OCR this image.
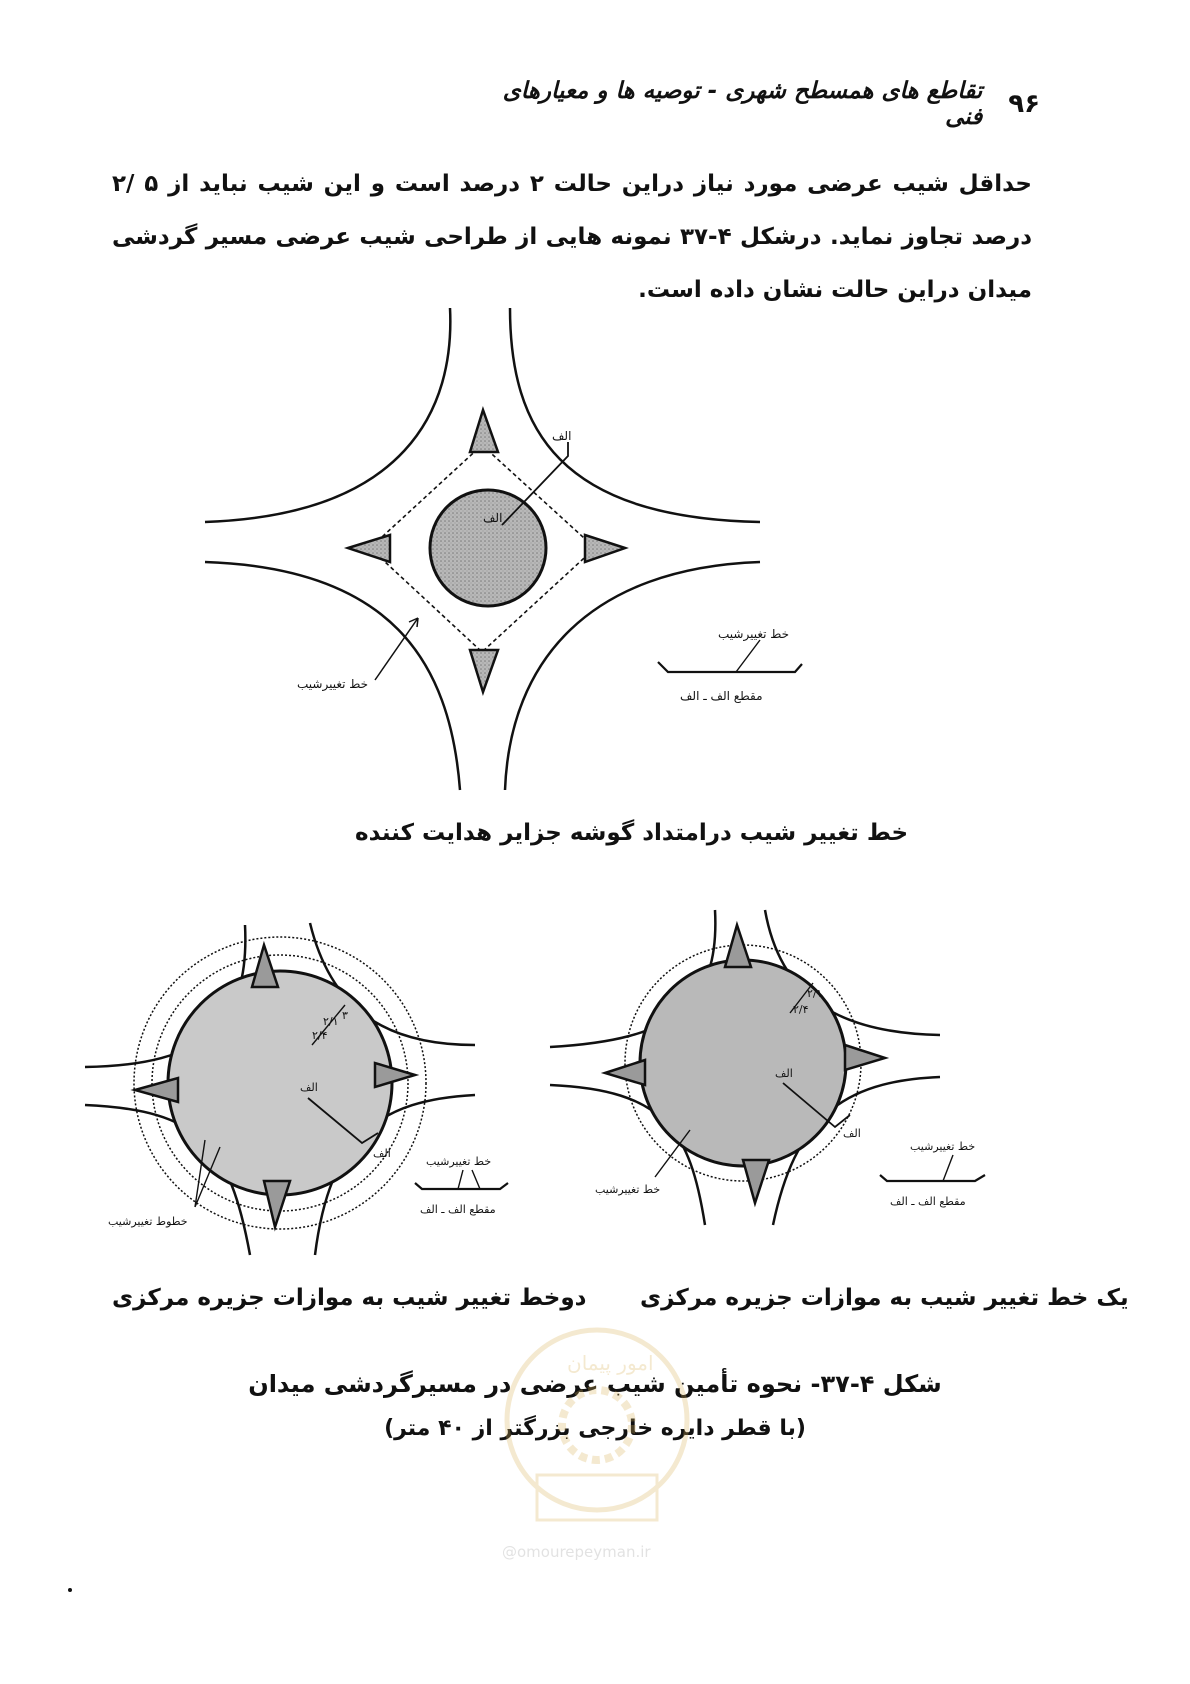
۹۶
تقاطع های همسطح شهری - توصیه ها و معیارهای فنی
حداقل شیب عرضی مورد نیاز دراین حالت ۲ درصد است و این شیب نباید از ۵ /۲ درصد تجاوز نماید. درشکل ۴-۳۷ نمونه هایی از طراحی شیب عرضی مسیر گردشی میدان دراین حالت نشان داده است.
الف
الف
خط تغییرشیب
خط تغییرشیب
مقطع الف ـ الف
خط تغییر شیب درامتداد گوشه جزایر هدایت کننده
الف
الف
۳
۲/۱
۲/۴
خطوط تغییرشیب
خط تغییرشیب
مقطع الف ـ الف
الف
الف
۲/۱
۲/۴
خط تغییرشیب
خط تغییرشیب
مقطع الف ـ الف
دوخط تغییر شیب به موازات جزیره مرکزی یک خط تغییر شیب به موازات جزیره مرکزی
شکل ۴-۳۷- نحوه تأمین شیب عرضی در مسیرگردشی میدان
(با قطر دایره خارجی بزرگتر از ۴۰ متر)
امور پیمان
@omourepeyman.ir
